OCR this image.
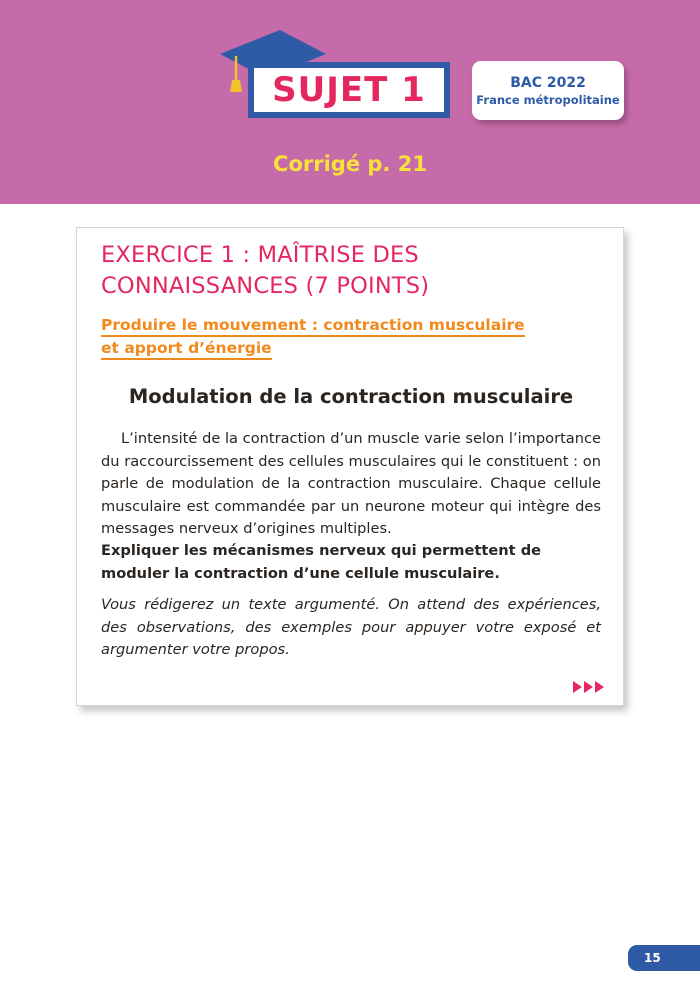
SUJET 1	BAC 2022
France métropolitaine
Corrigé p. 21
EXERCICE 1 : MAÎTRISE DES CONNAISSANCES (7 POINTS)
Produire le mouvement : contraction musculaire
et apport d’énergie
Modulation de la contraction musculaire
L’intensité de la contraction d’un muscle varie selon l’importance du raccourcissement des cellules musculaires qui le constituent : on parle de modulation de la contraction musculaire. Chaque cellule musculaire est commandée par un neurone moteur qui intègre des messages nerveux d’origines multiples.
Expliquer les mécanismes nerveux qui permettent de moduler la contraction d’une cellule musculaire.
Vous rédigerez un texte argumenté. On attend des expériences, des observations, des exemples pour appuyer votre exposé et argumenter votre propos.
15
